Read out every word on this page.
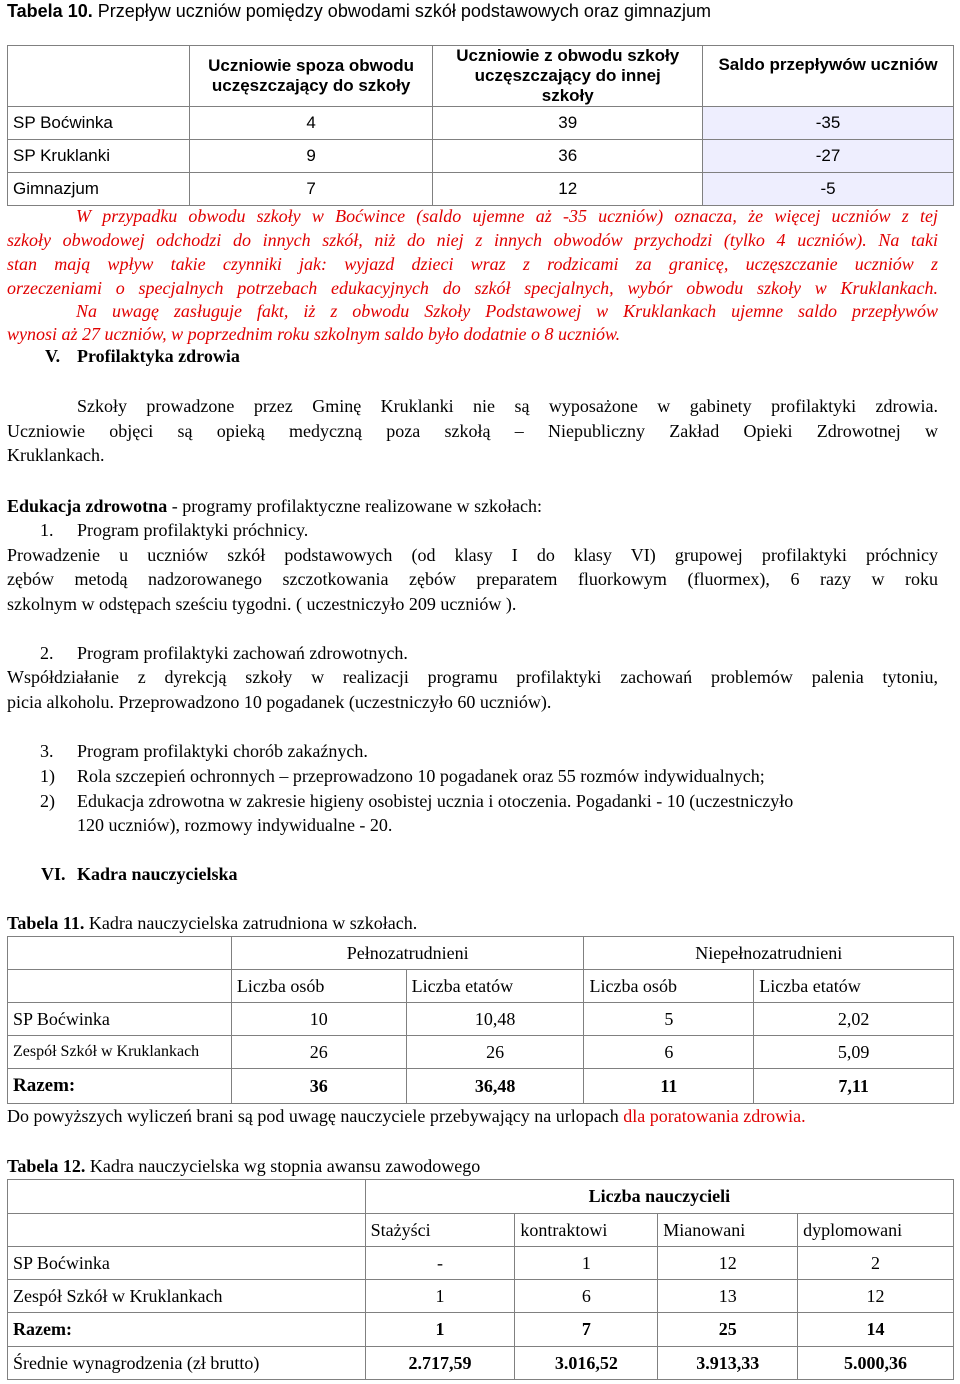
Tabela 10. Przepływ uczniów pomiędzy obwodami szkół podstawowych oraz gimnazjum
	Uczniowie spoza obwodu uczęszczający do szkoły	Uczniowie z obwodu szkoły uczęszczający do innej szkoły	Saldo przepływów uczniów
SP Boćwinka	4	39	-35
SP Kruklanki	9	36	-27
Gimnazjum	7	12	-5
W przypadku obwodu szkoły w Boćwince (saldo ujemne aż -35 uczniów) oznacza, że więcej uczniów z tej
szkoły obwodowej odchodzi do innych szkół, niż do niej z innych obwodów przychodzi (tylko 4 uczniów). Na taki
stan mają wpływ takie czynniki jak: wyjazd dzieci wraz z rodzicami za granicę, uczęszczanie uczniów z
orzeczeniami o specjalnych potrzebach edukacyjnych do szkół specjalnych, wybór obwodu szkoły w Kruklankach.
Na uwagę zasługuje fakt, iż z obwodu Szkoły Podstawowej w Kruklankach ujemne saldo przepływów
wynosi aż 27 uczniów, w poprzednim roku szkolnym saldo było dodatnie o 8 uczniów.
V. Profilaktyka zdrowia
Szkoły prowadzone przez Gminę Kruklanki nie są wyposażone w gabinety profilaktyki zdrowia.
Uczniowie objęci są opieką medyczną poza szkołą – Niepubliczny Zakład Opieki Zdrowotnej w
Kruklankach.
Edukacja zdrowotna - programy profilaktyczne realizowane w szkołach:
1. Program profilaktyki próchnicy.
Prowadzenie u uczniów szkół podstawowych (od klasy I do klasy VI) grupowej profilaktyki próchnicy
zębów metodą nadzorowanego szczotkowania zębów preparatem fluorkowym (fluormex), 6 razy w roku
szkolnym w odstępach sześciu tygodni. ( uczestniczyło 209 uczniów ).
2. Program profilaktyki zachowań zdrowotnych.
Współdziałanie z dyrekcją szkoły w realizacji programu profilaktyki zachowań problemów palenia tytoniu,
picia alkoholu. Przeprowadzono 10 pogadanek (uczestniczyło 60 uczniów).
3. Program profilaktyki chorób zakaźnych.
1) Rola szczepień ochronnych – przeprowadzono 10 pogadanek oraz 55 rozmów indywidualnych;
2) Edukacja zdrowotna w zakresie higieny osobistej ucznia i otoczenia. Pogadanki - 10 (uczestniczyło
120 uczniów), rozmowy indywidualne - 20.
VI. Kadra nauczycielska
Tabela 11. Kadra nauczycielska zatrudniona w szkołach.
	Pełnozatrudnieni		Niepełnozatrudnieni	
	Liczba osób	Liczba etatów	Liczba osób	Liczba etatów
SP Boćwinka	10	10,48	5	2,02
Zespół Szkół w Kruklankach	26	26	6	5,09
Razem:	36	36,48	11	7,11
Do powyższych wyliczeń brani są pod uwagę nauczyciele przebywający na urlopach dla poratowania zdrowia.
Tabela 12. Kadra nauczycielska wg stopnia awansu zawodowego
	Liczba nauczycieli			
	Stażyści	kontraktowi	Mianowani	dyplomowani
SP Boćwinka	-	1	12	2
Zespół Szkół w Kruklankach	1	6	13	12
Razem:	1	7	25	14
Średnie wynagrodzenia (zł brutto)	2.717,59	3.016,52	3.913,33	5.000,36
